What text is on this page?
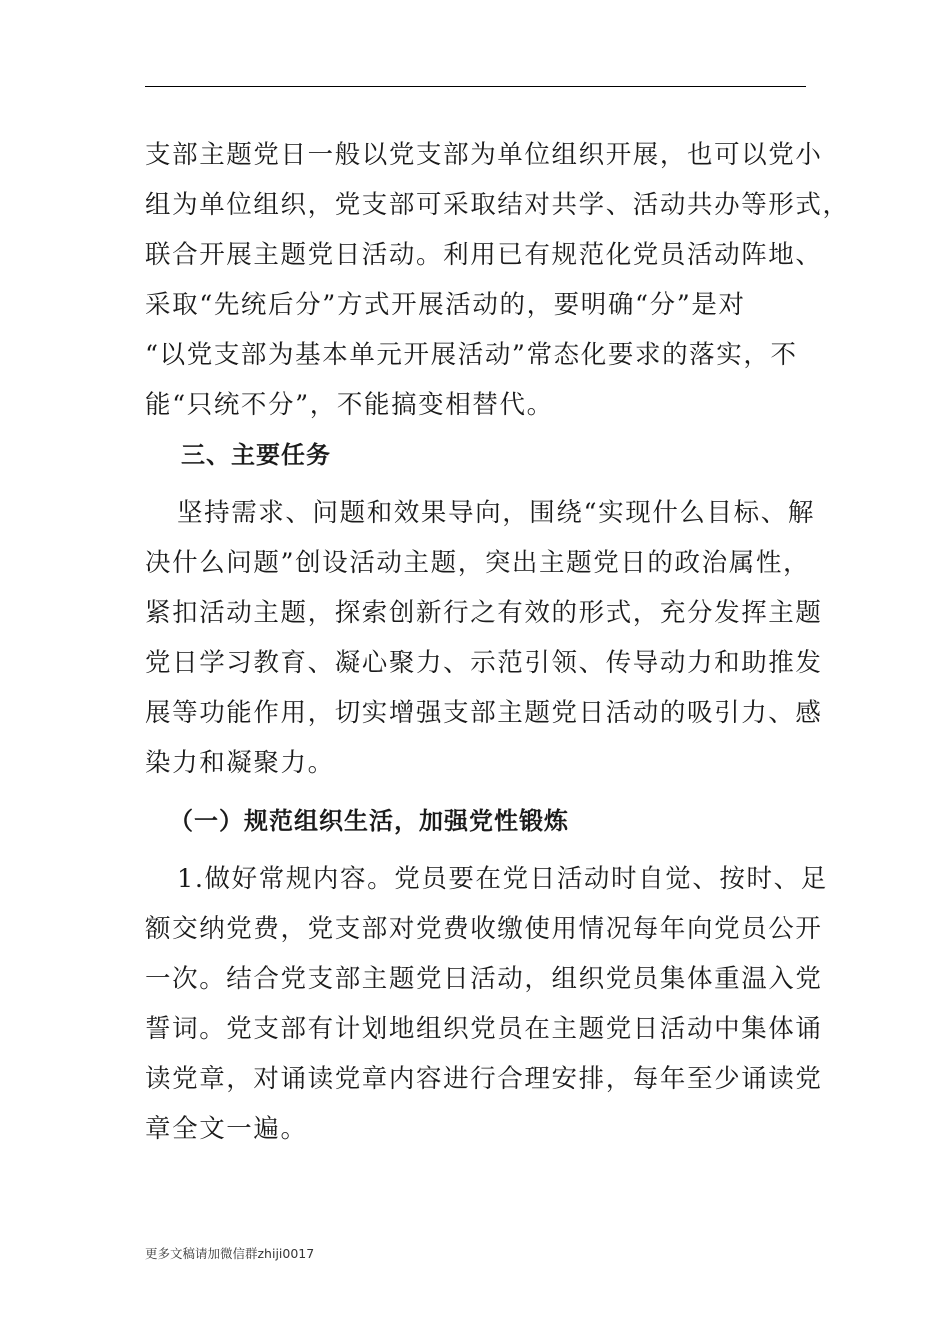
支部主题党日一般以党支部为单位组织开展，也可以党小
组为单位组织，党支部可采取结对共学、活动共办等形式，
联合开展主题党日活动。利用已有规范化党员活动阵地、
采取“先统后分”方式开展活动的，要明确“分”是对
“以党支部为基本单元开展活动”常态化要求的落实，不
能“只统不分”，不能搞变相替代。
三、主要任务
坚持需求、问题和效果导向，围绕“实现什么目标、解
决什么问题”创设活动主题，突出主题党日的政治属性，
紧扣活动主题，探索创新行之有效的形式，充分发挥主题
党日学习教育、凝心聚力、示范引领、传导动力和助推发
展等功能作用，切实增强支部主题党日活动的吸引力、感
染力和凝聚力。
（一）规范组织生活，加强党性锻炼
1.做好常规内容。党员要在党日活动时自觉、按时、足
额交纳党费，党支部对党费收缴使用情况每年向党员公开
一次。结合党支部主题党日活动，组织党员集体重温入党
誓词。党支部有计划地组织党员在主题党日活动中集体诵
读党章，对诵读党章内容进行合理安排，每年至少诵读党
章全文一遍。
更多文稿请加微信群zhiji0017
